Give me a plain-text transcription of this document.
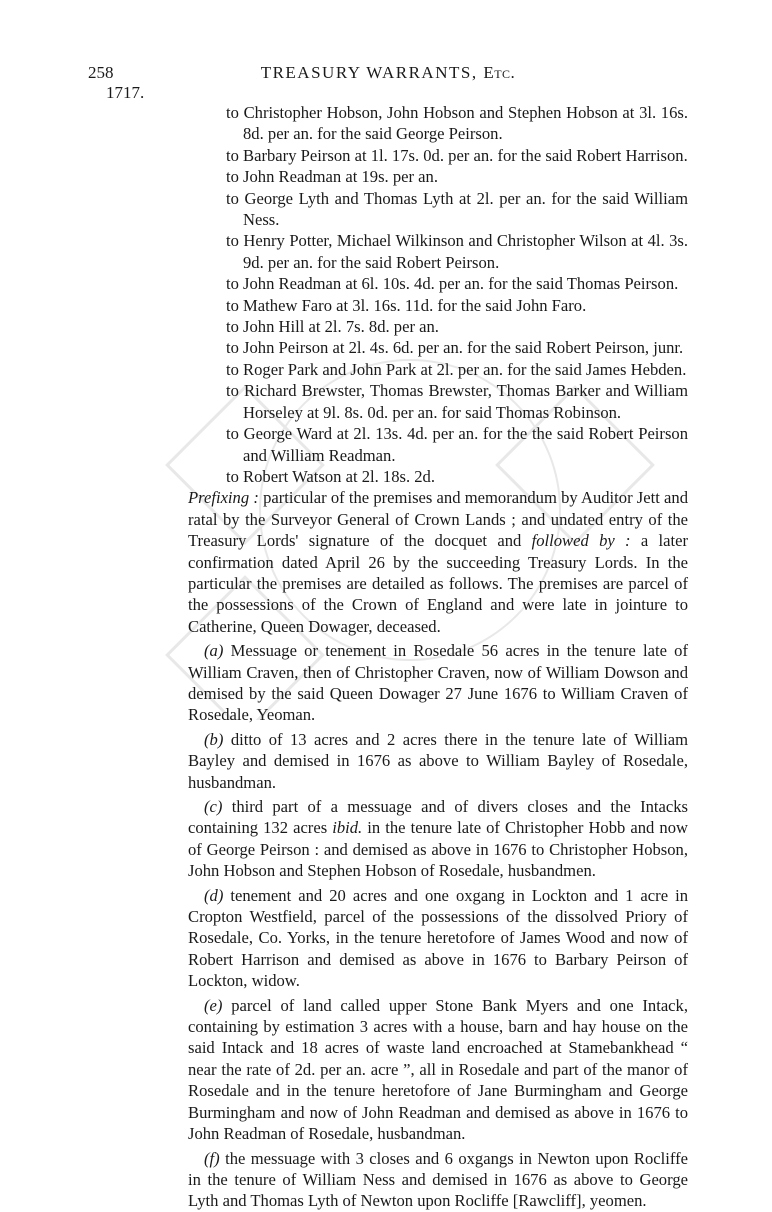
258	TREASURY WARRANTS, Etc.
1717.
to Christopher Hobson, John Hobson and Stephen Hobson at 3l. 16s. 8d. per an. for the said George Peirson.
to Barbary Peirson at 1l. 17s. 0d. per an. for the said Robert Harrison.
to John Readman at 19s. per an.
to George Lyth and Thomas Lyth at 2l. per an. for the said William Ness.
to Henry Potter, Michael Wilkinson and Christopher Wilson at 4l. 3s. 9d. per an. for the said Robert Peirson.
to John Readman at 6l. 10s. 4d. per an. for the said Thomas Peirson.
to Mathew Faro at 3l. 16s. 11d. for the said John Faro.
to John Hill at 2l. 7s. 8d. per an.
to John Peirson at 2l. 4s. 6d. per an. for the said Robert Peirson, junr.
to Roger Park and John Park at 2l. per an. for the said James Hebden.
to Richard Brewster, Thomas Brewster, Thomas Barker and William Horseley at 9l. 8s. 0d. per an. for said Thomas Robinson.
to George Ward at 2l. 13s. 4d. per an. for the the said Robert Peirson and William Readman.
to Robert Watson at 2l. 18s. 2d.
Prefixing : particular of the premises and memorandum by Auditor Jett and ratal by the Surveyor General of Crown Lands ; and undated entry of the Treasury Lords' signature of the docquet and followed by : a later confirmation dated April 26 by the succeeding Treasury Lords. In the particular the premises are detailed as follows. The premises are parcel of the possessions of the Crown of England and were late in jointure to Catherine, Queen Dowager, deceased.
(a) Messuage or tenement in Rosedale 56 acres in the tenure late of William Craven, then of Christopher Craven, now of William Dowson and demised by the said Queen Dowager 27 June 1676 to William Craven of Rosedale, Yeoman.
(b) ditto of 13 acres and 2 acres there in the tenure late of William Bayley and demised in 1676 as above to William Bayley of Rosedale, husbandman.
(c) third part of a messuage and of divers closes and the Intacks containing 132 acres ibid. in the tenure late of Christopher Hobb and now of George Peirson : and demised as above in 1676 to Christopher Hobson, John Hobson and Stephen Hobson of Rosedale, husbandmen.
(d) tenement and 20 acres and one oxgang in Lockton and 1 acre in Cropton Westfield, parcel of the possessions of the dissolved Priory of Rosedale, Co. Yorks, in the tenure heretofore of James Wood and now of Robert Harrison and demised as above in 1676 to Barbary Peirson of Lockton, widow.
(e) parcel of land called upper Stone Bank Myers and one Intack, containing by estimation 3 acres with a house, barn and hay house on the said Intack and 18 acres of waste land encroached at Stamebankhead “ near the rate of 2d. per an. acre ”, all in Rosedale and part of the manor of Rosedale and in the tenure heretofore of Jane Burmingham and George Burmingham and now of John Readman and demised as above in 1676 to John Readman of Rosedale, husbandman.
(f) the messuage with 3 closes and 6 oxgangs in Newton upon Rocliffe in the tenure of William Ness and demised in 1676 as above to George Lyth and Thomas Lyth of Newton upon Rocliffe [Rawcliff], yeomen.
